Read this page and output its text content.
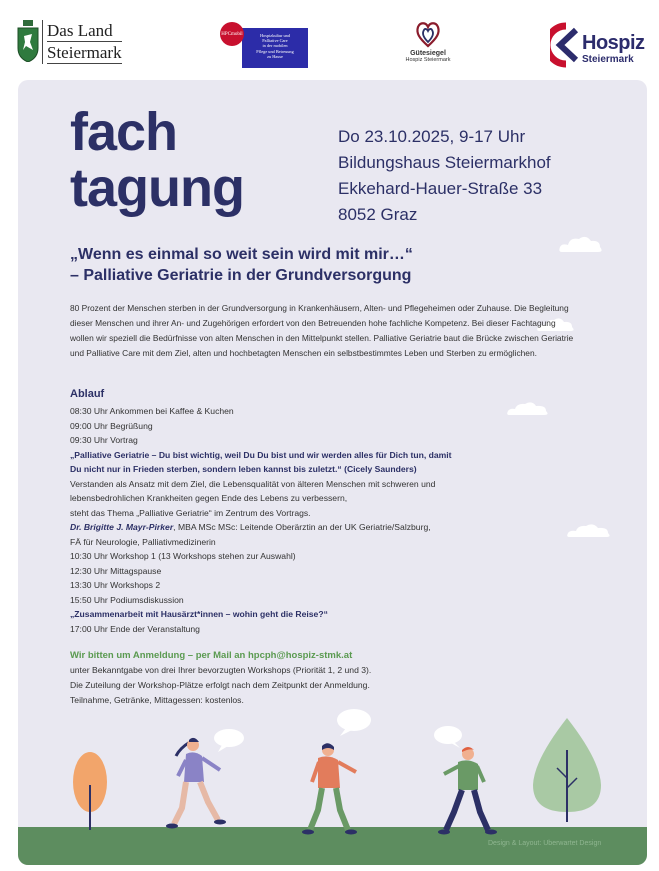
Das Land
Steiermark
Hospizkultur und
Palliative Care
in der mobilen
Pflege und Betreuung
zu Hause
HPCmobil
Gütesiegel
Hospiz Steiermark
Hospiz
Steiermark
fach
tagung
Do 23.10.2025, 9-17 Uhr
Bildungshaus Steiermarkhof
Ekkehard-Hauer-Straße 33
8052 Graz
„Wenn es einmal so weit sein wird mit mir…“
– Palliative Geriatrie in der Grundversorgung

80 Prozent der Menschen sterben in der Grundversorgung in Krankenhäusern, Alten- und Pflegeheimen oder Zuhause. Die Begleitung dieser Menschen und ihrer An- und Zugehörigen erfordert von den Betreuenden hohe fachliche Kompetenz. Bei dieser Fachtagung wollen wir speziell die Bedürfnisse von alten Menschen in den Mittelpunkt stellen. Palliative Geriatrie baut die Brücke zwischen Geriatrie und Palliative Care mit dem Ziel, alten und hochbetagten Menschen ein selbstbestimmtes Leben und Sterben zu ermöglichen.

Ablauf
08:30 Uhr Ankommen bei Kaffee & Kuchen
09:00 Uhr Begrüßung
09:30 Uhr Vortrag
„Palliative Geriatrie – Du bist wichtig, weil Du Du bist und wir werden alles für Dich tun, damit
Du nicht nur in Frieden sterben, sondern leben kannst bis zuletzt.“ (Cicely Saunders)
Verstanden als Ansatz mit dem Ziel, die Lebensqualität von älteren Menschen mit schweren und
lebensbedrohlichen Krankheiten gegen Ende des Lebens zu verbessern,
steht das Thema „Palliative Geriatrie“ im Zentrum des Vortrags.
Dr. Brigitte J. Mayr-Pirker, MBA MSc MSc: Leitende Oberärztin an der UK Geriatrie/Salzburg,
FÄ für Neurologie, Palliativmedizinerin
10:30 Uhr Workshop 1 (13 Workshops stehen zur Auswahl)
12:30 Uhr Mittagspause
13:30 Uhr Workshops 2
15:50 Uhr Podiumsdiskussion
„Zusammenarbeit mit Hausärzt*innen – wohin geht die Reise?“
17:00 Uhr Ende der Veranstaltung
Wir bitten um Anmeldung – per Mail an hpcph@hospiz-stmk.at
unter Bekanntgabe von drei Ihrer bevorzugten Workshops (Priorität 1, 2 und 3).
Die Zuteilung der Workshop-Plätze erfolgt nach dem Zeitpunkt der Anmeldung.
Teilnahme, Getränke, Mittagessen: kostenlos.
Design & Layout: Uberwartet Design
